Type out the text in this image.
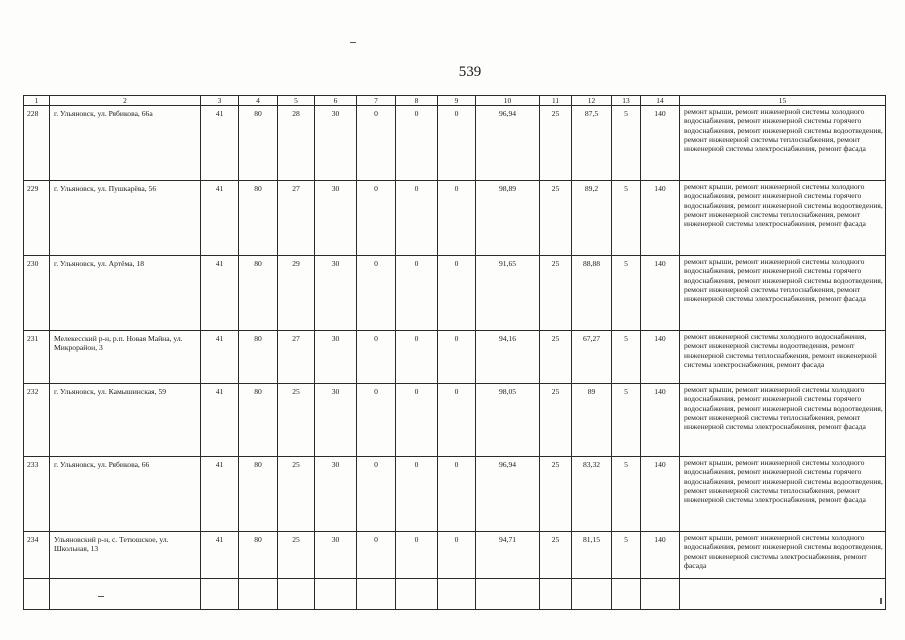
539
1	2	3	4	5	6	7	8	9	10	11	12	13	14	15
228	г. Ульяновск, ул. Рябикова, 66а	41	80	28	30	0	0	0	96,94	25	87,5	5	140	ремонт крыши, ремонт инженерной системы холодного водоснабжения, ремонт инженерной системы горячего водоснабжения, ремонт инженерной системы водоотведения, ремонт инженерной системы теплоснабжения, ремонт инженерной системы электроснабжения, ремонт фасада
229	г. Ульяновск, ул. Пушкарёва, 56	41	80	27	30	0	0	0	98,89	25	89,2	5	140	ремонт крыши, ремонт инженерной системы холодного водоснабжения, ремонт инженерной системы горячего водоснабжения, ремонт инженерной системы водоотведения, ремонт инженерной системы теплоснабжения, ремонт инженерной системы электроснабжения, ремонт фасада
230	г. Ульяновск, ул. Артёма, 18	41	80	29	30	0	0	0	91,65	25	88,88	5	140	ремонт крыши, ремонт инженерной системы холодного водоснабжения, ремонт инженерной системы горячего водоснабжения, ремонт инженерной системы водоотведения, ремонт инженерной системы теплоснабжения, ремонт инженерной системы электроснабжения, ремонт фасада
231	Мелекесский р-н, р.п. Новая Майна, ул. Микрорайон, 3	41	80	27	30	0	0	0	94,16	25	67,27	5	140	ремонт инженерной системы холодного водоснабжения, ремонт инженерной системы водоотведения, ремонт инженерной системы теплоснабжения, ремонт инженерной системы электроснабжения, ремонт фасада
232	г. Ульяновск, ул. Камышинская, 59	41	80	25	30	0	0	0	98,05	25	89	5	140	ремонт крыши, ремонт инженерной системы холодного водоснабжения, ремонт инженерной системы горячего водоснабжения, ремонт инженерной системы водоотведения, ремонт инженерной системы теплоснабжения, ремонт инженерной системы электроснабжения, ремонт фасада
233	г. Ульяновск, ул. Рябикова, 66	41	80	25	30	0	0	0	96,94	25	83,32	5	140	ремонт крыши, ремонт инженерной системы холодного водоснабжения, ремонт инженерной системы горячего водоснабжения, ремонт инженерной системы водоотведения, ремонт инженерной системы теплоснабжения, ремонт инженерной системы электроснабжения, ремонт фасада
234	Ульяновский р-н, с. Тетюшское, ул. Школьная, 13	41	80	25	30	0	0	0	94,71	25	81,15	5	140	ремонт крыши, ремонт инженерной системы холодного водоснабжения, ремонт инженерной системы водоотведения, ремонт инженерной системы электроснабжения, ремонт фасада
